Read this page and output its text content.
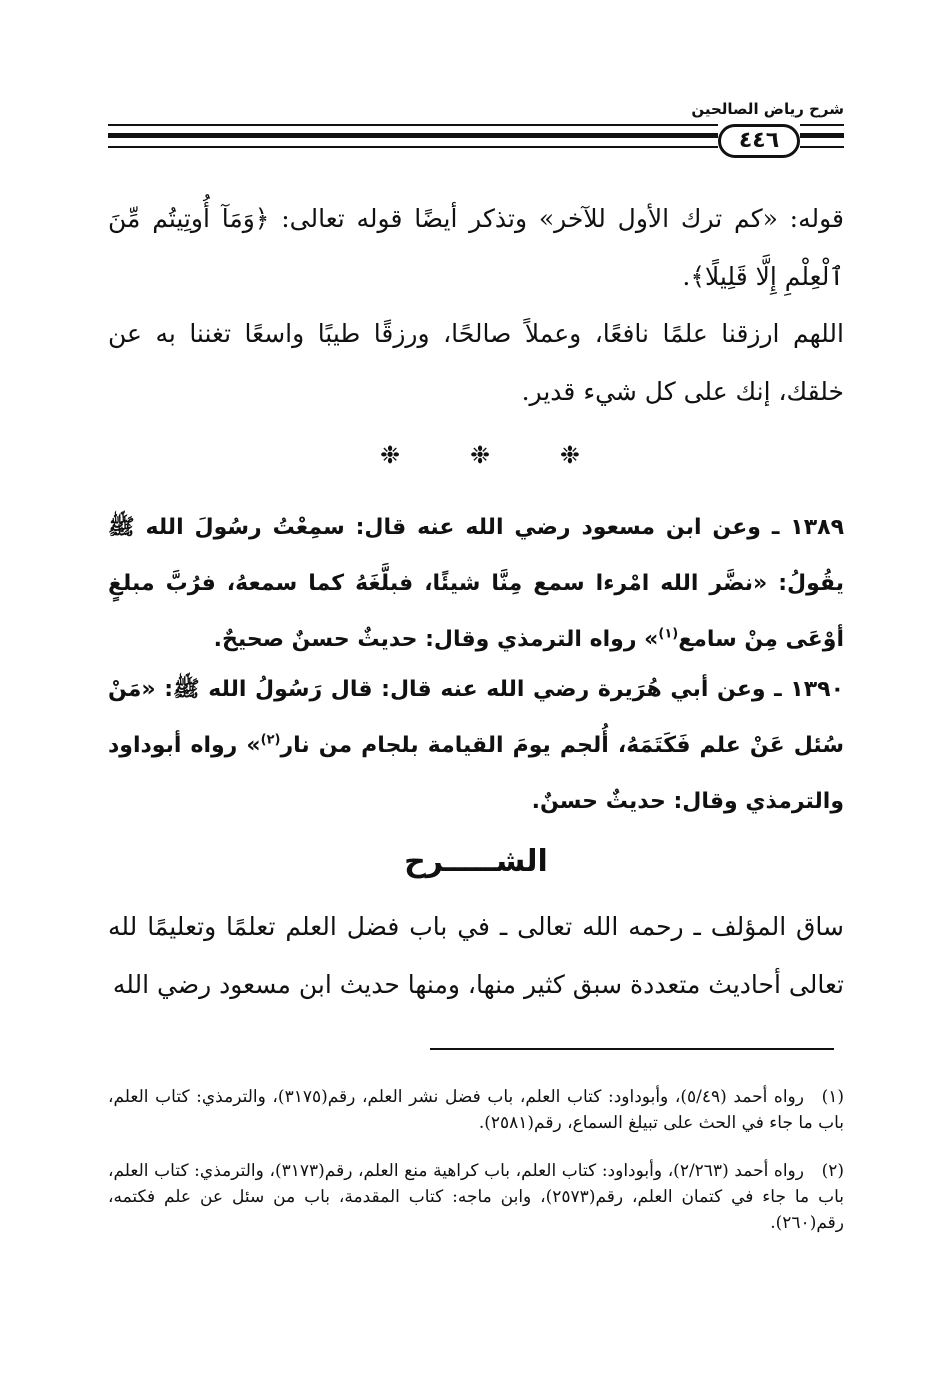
شرح رياض الصالحين
٤٤٦

قوله: «كم ترك الأول للآخر» وتذكر أيضًا قوله تعالى: ﴿وَمَآ أُوتِيتُم مِّنَ ٱلْعِلْمِ إِلَّا قَلِيلًا﴾.

اللهم ارزقنا علمًا نافعًا، وعملاً صالحًا، ورزقًا طيبًا واسعًا تغننا به عن خلقك، إنك على كل شيء قدير.

❉
❉
❉

١٣٨٩ ـ وعن ابن مسعود رضي الله عنه قال: سمِعْتُ رسُولَ الله ﷺ يقُولُ: «نضَّر الله امْرءا سمع مِنَّا شيئًا، فبلَّغَهُ كما سمعهُ، فرُبَّ مبلغٍ أوْعَى مِنْ سامع$^{(١)}$» رواه الترمذي وقال: حديثٌ حسنٌ صحيحٌ.

١٣٩٠ ـ وعن أبي هُرَيرة رضي الله عنه قال: قال رَسُولُ الله ﷺ: «مَنْ سُئل عَنْ علم فَكَتَمَهُ، أُلجم يومَ القيامة بلجام من نار$^{(٢)}$» رواه أبوداود والترمذي وقال: حديثٌ حسنٌ.

الشـــــرح

ساق المؤلف ـ رحمه الله تعالى ـ في باب فضل العلم تعلمًا وتعليمًا لله تعالى أحاديث متعددة سبق كثير منها، ومنها حديث ابن مسعود رضي الله

(١)رواه أحمد (٥/٤٩)، وأبوداود: كتاب العلم، باب فضل نشر العلم، رقم(٣١٧٥)، والترمذي: كتاب العلم، باب ما جاء في الحث على تبيلغ السماع، رقم(٢٥٨١).
(٢)رواه أحمد (٢/٢٦٣)، وأبوداود: كتاب العلم، باب كراهية منع العلم، رقم(٣١٧٣)، والترمذي: كتاب العلم، باب ما جاء في كتمان العلم، رقم(٢٥٧٣)، وابن ماجه: كتاب المقدمة، باب من سئل عن علم فكتمه، رقم(٢٦٠).
